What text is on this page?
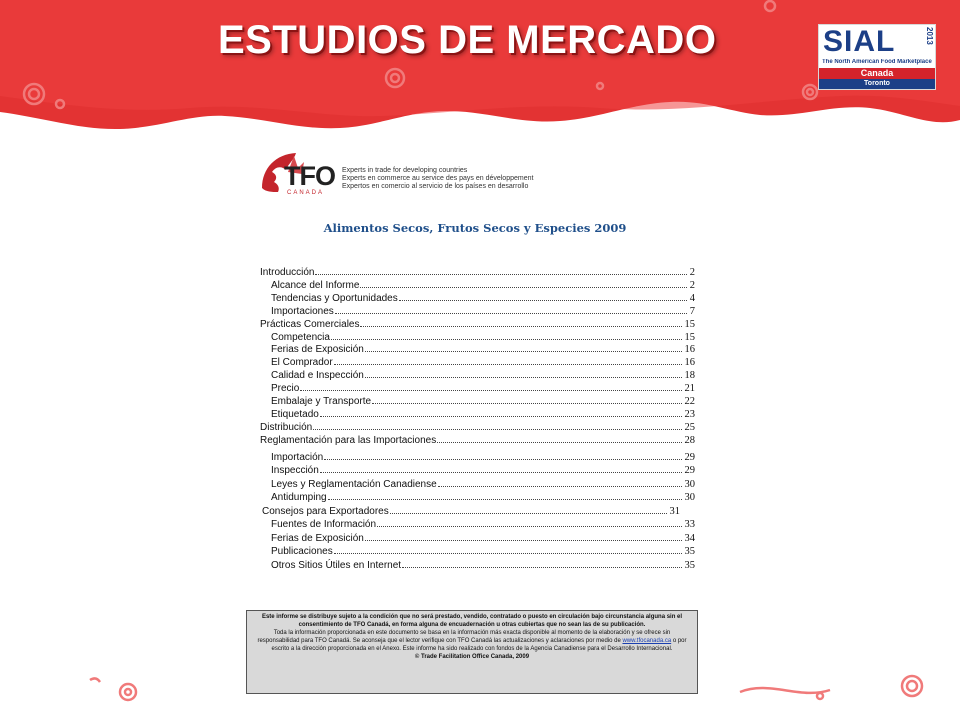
ESTUDIOS DE MERCADO	SIAL	2013
The North American Food Marketplace
Canada
Toronto
TFO
CANADA
Experts in trade for developing countries
Experts en commerce au service des pays en développement
Expertos en comercio al servicio de los países en desarrollo
Alimentos Secos, Frutos Secos y Especies 2009
Introducción	2
Alcance del Informe	2
Tendencias y Oportunidades	4
Importaciones	7
Prácticas Comerciales	15
Competencia	15
Ferias de Exposición	16
El Comprador	16
Calidad e Inspección	18
Precio	21
Embalaje y Transporte	22
Etiquetado	23
Distribución	25
Reglamentación para las Importaciones	28
Importación	29
Inspección	29
Leyes y Reglamentación Canadiense	30
Antidumping	30
Consejos para Exportadores	31
Fuentes de Información	33
Ferias de Exposición	34
Publicaciones	35
Otros Sitios Útiles en Internet	35
Este informe se distribuye sujeto a la condición que no será prestado, vendido, contratado o puesto en circulación bajo circunstancia alguna sin el consentimiento de TFO Canadá, en forma alguna de encuadernación u otras cubiertas que no sean las de su publicación.
Toda la información proporcionada en este documento se basa en la información más exacta disponible al momento de la elaboración y se ofrece sin responsabilidad para TFO Canadá. Se aconseja que el lector verifique con TFO Canadá las actualizaciones y aclaraciones por medio de www.tfocanada.ca o por escrito a la dirección proporcionada en el Anexo. Este informe ha sido realizado con fondos de la Agencia Canadiense para el Desarrollo Internacional.
© Trade Facilitation Office Canada, 2009
